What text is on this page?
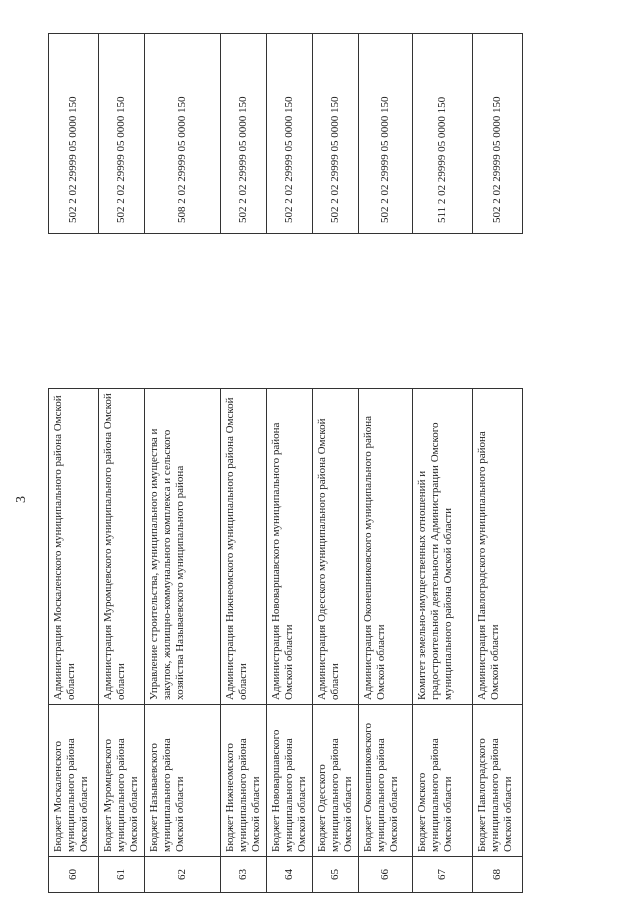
3
60	Бюджет Москаленского муниципального района Омской области	Администрация Москаленского муниципального района Омской области		502 2 02 29999 05 0000 150
61	Бюджет Муромцевского муниципального района Омской области	Администрация Муромцевского муниципального района Омской области		502 2 02 29999 05 0000 150
62	Бюджет Называевского муниципального района Омской области	Управление строительства, муниципального имущества и закупок, жилищно-коммунального комплекса и сельского хозяйства Называевского муниципального района		508 2 02 29999 05 0000 150
63	Бюджет Нижнеомского муниципального района Омской области	Администрация Нижнеомского муниципального района Омской области		502 2 02 29999 05 0000 150
64	Бюджет Нововаршавского муниципального района Омской области	Администрация Нововаршавского муниципального района Омской области		502 2 02 29999 05 0000 150
65	Бюджет Одесского муниципального района Омской области	Администрация Одесского муниципального района Омской области		502 2 02 29999 05 0000 150
66	Бюджет Оконешниковского муниципального района Омской области	Администрация Оконешниковского муниципального района Омской области		502 2 02 29999 05 0000 150
67	Бюджет Омского муниципального района Омской области	Комитет земельно-имущественных отношений и градостроительной деятельности Администрации Омского муниципального района Омской области		511 2 02 29999 05 0000 150
68	Бюджет Павлоградского муниципального района Омской области	Администрация Павлоградского муниципального района Омской области		502 2 02 29999 05 0000 150
